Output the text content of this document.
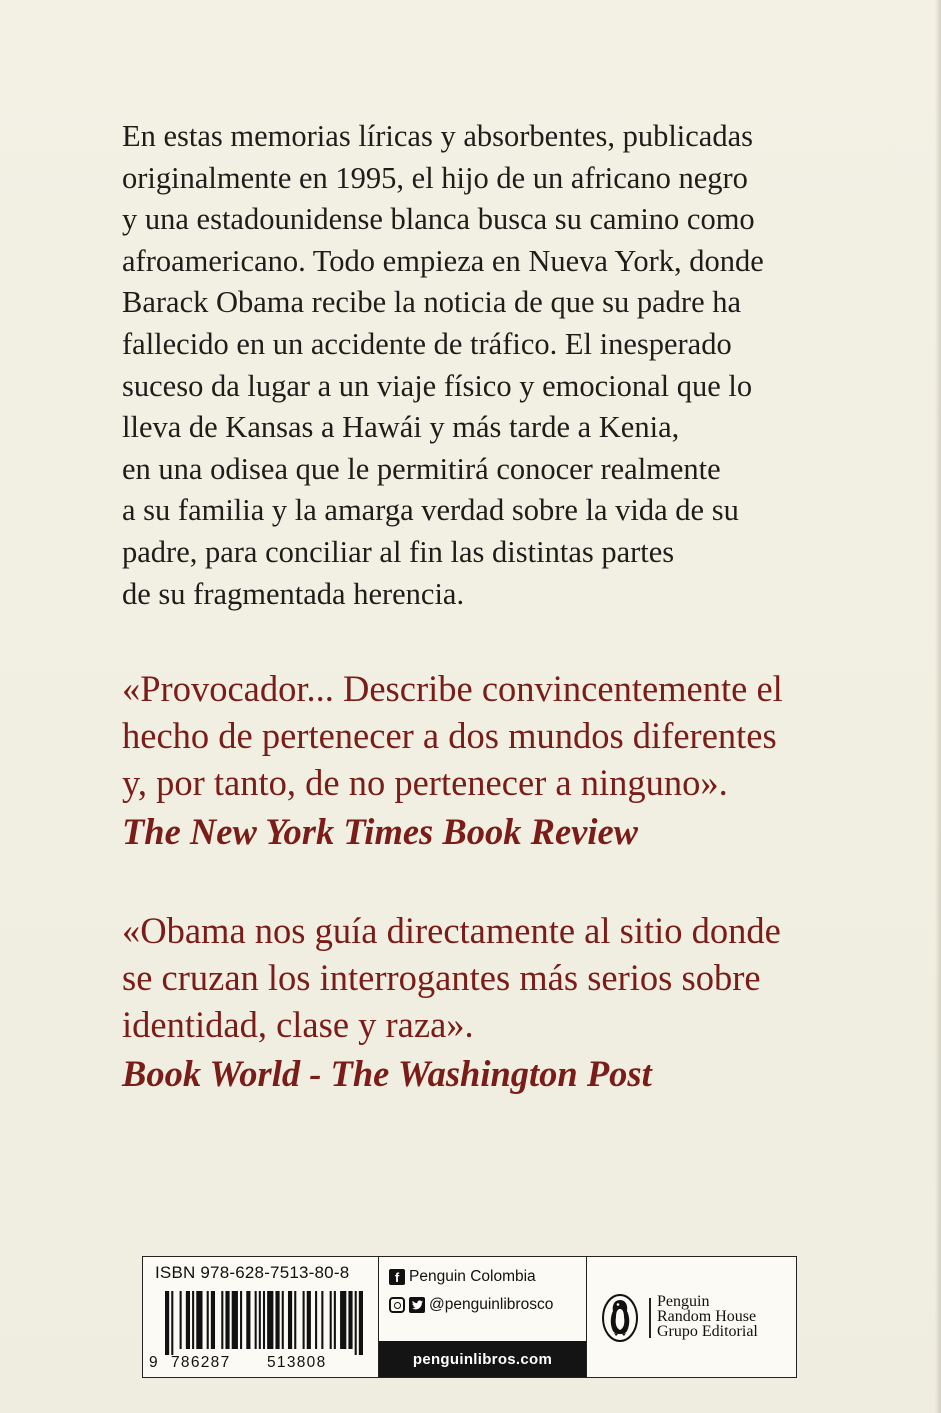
En estas memorias líricas y absorbentes, publicadas
originalmente en 1995, el hijo de un africano negro
y una estadounidense blanca busca su camino como
afroamericano. Todo empieza en Nueva York, donde
Barack Obama recibe la noticia de que su padre ha
fallecido en un accidente de tráfico. El inesperado
suceso da lugar a un viaje físico y emocional que lo
lleva de Kansas a Hawái y más tarde a Kenia,
en una odisea que le permitirá conocer realmente
a su familia y la amarga verdad sobre la vida de su
padre, para conciliar al fin las distintas partes
de su fragmentada herencia.
«Provocador... Describe convincentemente el
hecho de pertenecer a dos mundos diferentes
y, por tanto, de no pertenecer a ninguno».
The New York Times Book Review
«Obama nos guía directamente al sitio donde
se cruzan los interrogantes más serios sobre
identidad, clase y raza».
Book World - The Washington Post
ISBN 978-628-7513-80-8
9 786287 513808
f Penguin Colombia
@penguinlibrosco
penguinlibros.com
Penguin
Random House
Grupo Editorial
